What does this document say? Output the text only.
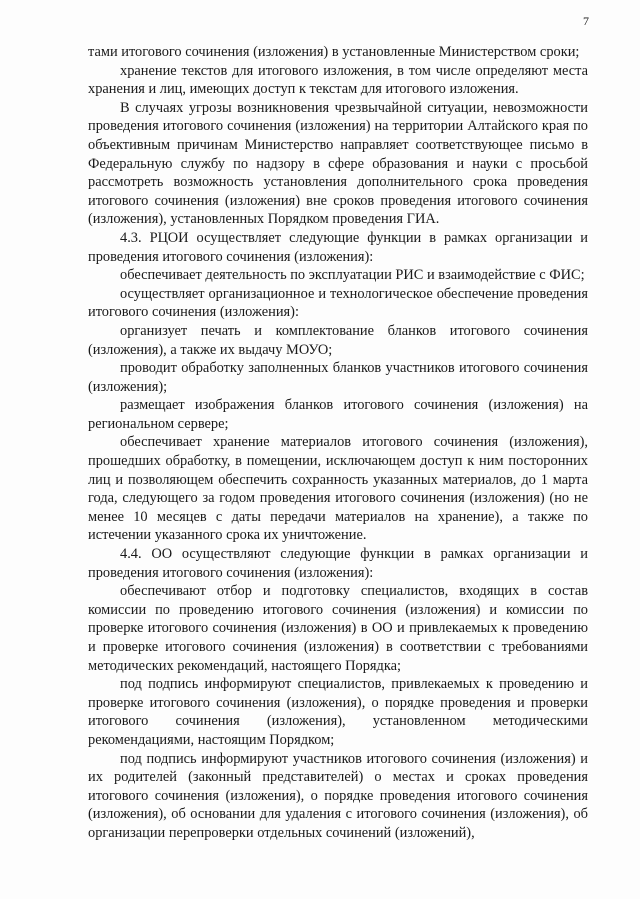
7

тами итогового сочинения (изложения) в установленные Министерством сроки;

хранение текстов для итогового изложения, в том числе определяют места хранения и лиц, имеющих доступ к текстам для итогового изложения.

В случаях угрозы возникновения чрезвычайной ситуации, невозможности проведения итогового сочинения (изложения) на территории Алтайского края по объективным причинам Министерство направляет соответствующее письмо в Федеральную службу по надзору в сфере образования и науки с просьбой рассмотреть возможность установления дополнительного срока проведения итогового сочинения (изложения) вне сроков проведения итогового сочинения (изложения), установленных Порядком проведения ГИА.

4.3. РЦОИ осуществляет следующие функции в рамках организации и проведения итогового сочинения (изложения):

обеспечивает деятельность по эксплуатации РИС и взаимодействие с ФИС;

осуществляет организационное и технологическое обеспечение проведения итогового сочинения (изложения):

организует печать и комплектование бланков итогового сочинения (изложения), а также их выдачу МОУО;

проводит обработку заполненных бланков участников итогового сочинения (изложения);

размещает изображения бланков итогового сочинения (изложения) на региональном сервере;

обеспечивает хранение материалов итогового сочинения (изложения), прошедших обработку, в помещении, исключающем доступ к ним посторонних лиц и позволяющем обеспечить сохранность указанных материалов, до 1 марта года, следующего за годом проведения итогового сочинения (изложения) (но не менее 10 месяцев с даты передачи материалов на хранение), а также по истечении указанного срока их уничтожение.

4.4. ОО осуществляют следующие функции в рамках организации и проведения итогового сочинения (изложения):

обеспечивают отбор и подготовку специалистов, входящих в состав комиссии по проведению итогового сочинения (изложения) и комиссии по проверке итогового сочинения (изложения) в ОО и привлекаемых к проведению и проверке итогового сочинения (изложения) в соответствии с требованиями методических рекомендаций, настоящего Порядка;

под подпись информируют специалистов, привлекаемых к проведению и проверке итогового сочинения (изложения), о порядке проведения и проверки итогового сочинения (изложения), установленном методическими рекомендациями, настоящим Порядком;

под подпись информируют участников итогового сочинения (изложения) и их родителей (законный представителей) о местах и сроках проведения итогового сочинения (изложения), о порядке проведения итогового сочинения (изложения), об основании для удаления с итогового сочинения (изложения), об организации перепроверки отдельных сочинений (изложений),
